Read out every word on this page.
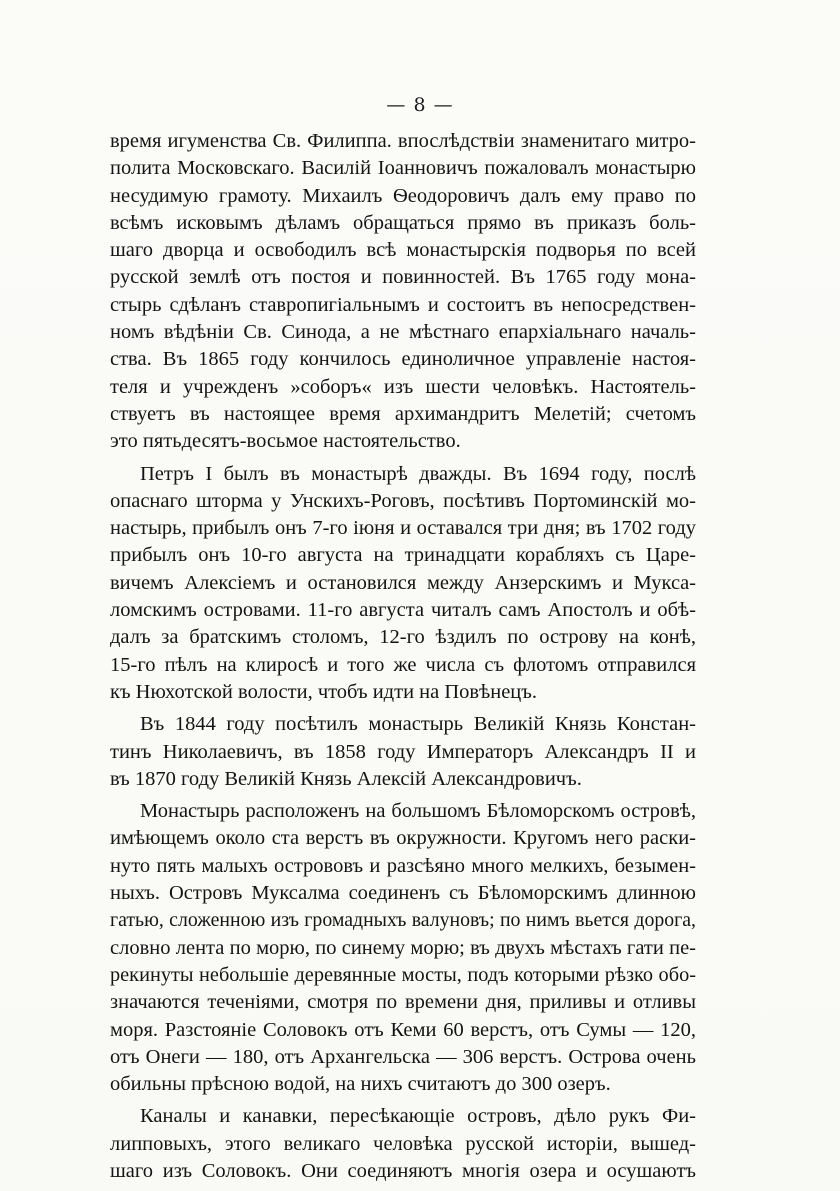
— 8 —

время игуменства Св. Филиппа. впослѣдствіи знаменитаго митро-
полита Московскаго. Василій Іоанновичъ пожаловалъ монастырю
несудимую грамоту. Михаилъ Ѳеодоровичъ далъ ему право по
всѣмъ исковымъ дѣламъ обращаться прямо въ приказъ боль-
шаго дворца и освободилъ всѣ монастырскія подворья по всей
русской землѣ отъ постоя и повинностей. Въ 1765 году мона-
стырь сдѣланъ ставропигіальнымъ и состоитъ въ непосредствен-
номъ вѣдѣніи Св. Синода, а не мѣстнаго епархіальнаго началь-
ства. Въ 1865 году кончилось единоличное управленіе настоя-
теля и учрежденъ »соборъ« изъ шести человѣкъ. Настоятель-
ствуетъ въ настоящее время архимандритъ Мелетій; счетомъ
это пятьдесятъ-восьмое настоятельство.

Петръ I былъ въ монастырѣ дважды. Въ 1694 году, послѣ
опаснаго шторма у Унскихъ-Роговъ, посѣтивъ Портоминскій мо-
настырь, прибылъ онъ 7-го іюня и оставался три дня; въ 1702 году
прибылъ онъ 10-го августа на тринадцати корабляхъ съ Царе-
вичемъ Алексіемъ и остановился между Анзерскимъ и Муксa-
ломскимъ островами. 11-го августа читалъ самъ Апостолъ и обѣ-
далъ за братскимъ столомъ, 12-го ѣздилъ по острову на конѣ,
15-го пѣлъ на клиросѣ и того же числа съ флотомъ отправился
къ Нюхотской волости, чтобъ идти на Повѣнецъ.

Въ 1844 году посѣтилъ монастырь Великій Князь Констан-
тинъ Николаевичъ, въ 1858 году Императоръ Александръ II и
въ 1870 году Великій Князь Алексій Александровичъ.

Монастырь расположенъ на большомъ Бѣломорскомъ островѣ,
имѣющемъ около ста верстъ въ окружности. Кругомъ него раски-
нуто пять малыхъ острововъ и разсѣяно много мелкихъ, безымен-
ныхъ. Островъ Муксалма соединенъ съ Бѣломорскимъ длинною
гатью, сложенною изъ громадныхъ валуновъ; по нимъ вьется дорога,
словно лента по морю, по синему морю; въ двухъ мѣстахъ гати пе-
рекинуты небольшіе деревянные мосты, подъ которыми рѣзко обо-
значаются теченіями, смотря по времени дня, приливы и отливы
моря. Разстояніе Соловокъ отъ Кеми 60 верстъ, отъ Сумы — 120,
отъ Онеги — 180, отъ Архангельска — 306 верстъ. Острова очень
обильны прѣсною водой, на нихъ считаютъ до 300 озеръ.

Каналы и канавки, пересѣкающіе островъ, дѣло рукъ Фи-
липповыхъ, этого великаго человѣка русской исторіи, вышед-
шаго изъ Соловокъ. Они соединяютъ многія озера и осушаютъ
